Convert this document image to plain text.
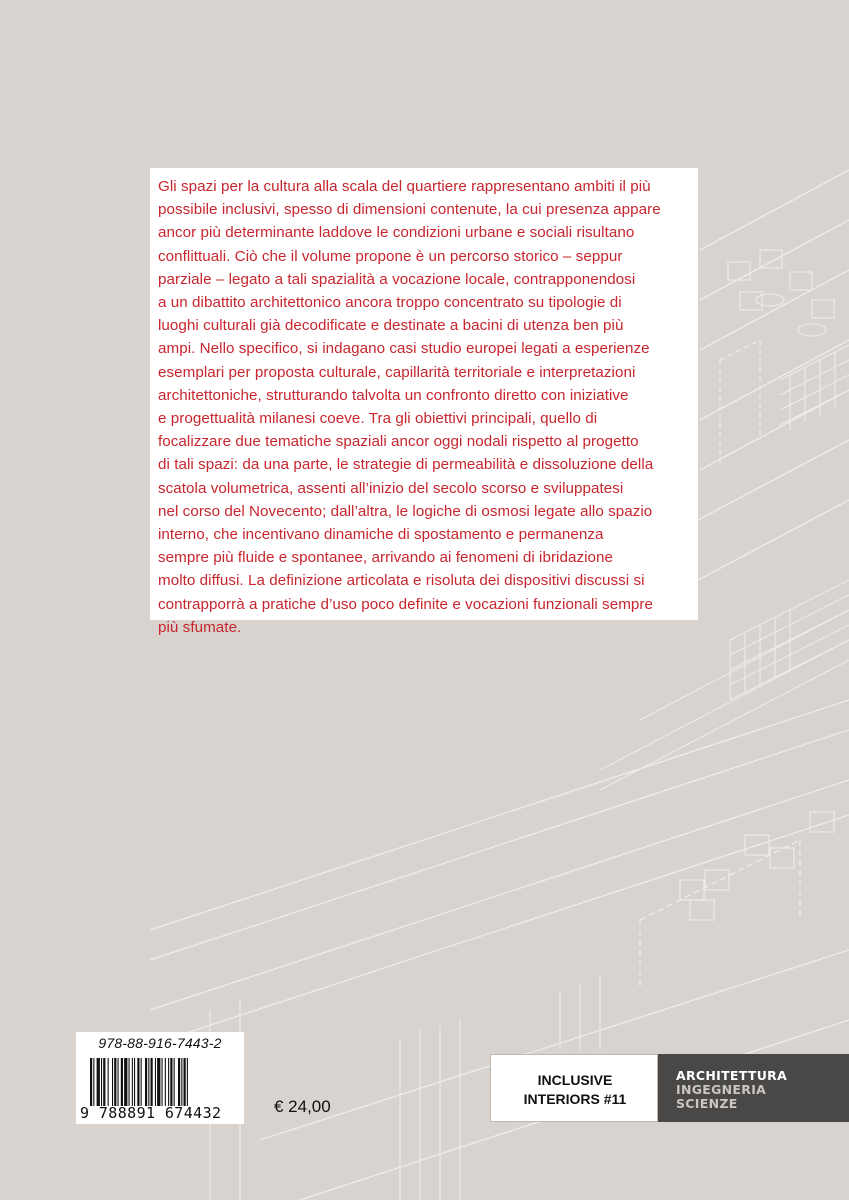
Gli spazi per la cultura alla scala del quartiere rappresentano ambiti il più
possibile inclusivi, spesso di dimensioni contenute, la cui presenza appare
ancor più determinante laddove le condizioni urbane e sociali risultano
conflittuali. Ciò che il volume propone è un percorso storico – seppur
parziale – legato a tali spazialità a vocazione locale, contrapponendosi
a un dibattito architettonico ancora troppo concentrato su tipologie di
luoghi culturali già decodificate e destinate a bacini di utenza ben più
ampi. Nello specifico, si indagano casi studio europei legati a esperienze
esemplari per proposta culturale, capillarità territoriale e interpretazioni
architettoniche, strutturando talvolta un confronto diretto con iniziative
e progettualità milanesi coeve. Tra gli obiettivi principali, quello di
focalizzare due tematiche spaziali ancor oggi nodali rispetto al progetto
di tali spazi: da una parte, le strategie di permeabilità e dissoluzione della
scatola volumetrica, assenti all’inizio del secolo scorso e sviluppatesi
nel corso del Novecento; dall’altra, le logiche di osmosi legate allo spazio
interno, che incentivano dinamiche di spostamento e permanenza
sempre più fluide e spontanee, arrivando ai fenomeni di ibridazione
molto diffusi. La definizione articolata e risoluta dei dispositivi discussi si
contrapporrà a pratiche d’uso poco definite e vocazioni funzionali sempre
più sfumate.

978-88-916-7443-2
9 788891 674432	€ 24,00
INCLUSIVE
INTERIORS #11
ARCHITETTURA
INGEGNERIA
SCIENZE
